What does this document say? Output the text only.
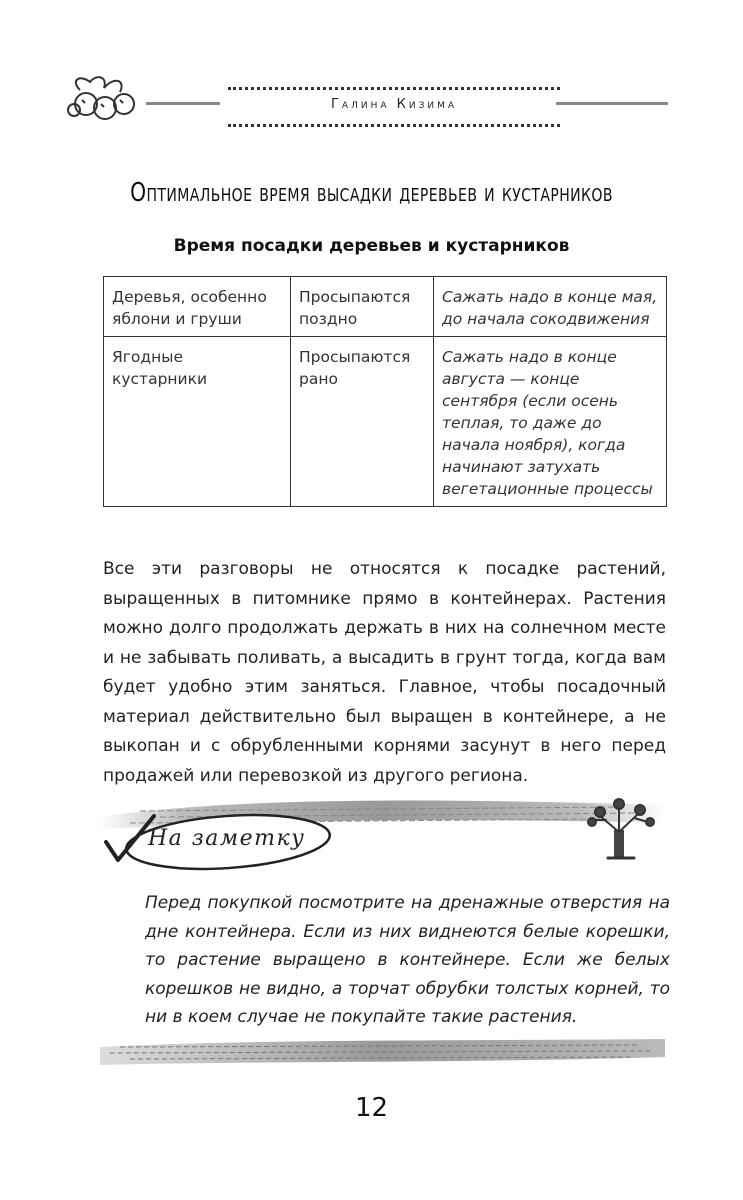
Галина Кизима
Оптимальное время высадки деревьев и кустарников
Время посадки деревьев и кустарников
Деревья, особенно яблони и груши	Просыпаются поздно	Сажать надо в конце мая, до начала сокодвижения
Ягодные кустарники	Просыпаются рано	Сажать надо в конце августа — конце сентября (если осень теплая, то даже до начала ноября), когда начинают затухать вегетационные процессы
Все эти разговоры не относятся к посадке растений, выращенных в питомнике прямо в контейнерах. Растения можно долго продолжать держать в них на солнечном месте и не забывать поливать, а высадить в грунт тогда, когда вам будет удобно этим заняться. Главное, чтобы посадочный материал действительно был выращен в контейнере, а не выкопан и с обрубленными корнями засунут в него перед продажей или перевозкой из другого региона.
На заметку
Перед покупкой посмотрите на дренажные отверстия на дне контейнера. Если из них виднеются белые корешки, то растение выращено в контейнере. Если же белых корешков не видно, а торчат обрубки толстых корней, то ни в коем случае не покупайте такие растения.
12
